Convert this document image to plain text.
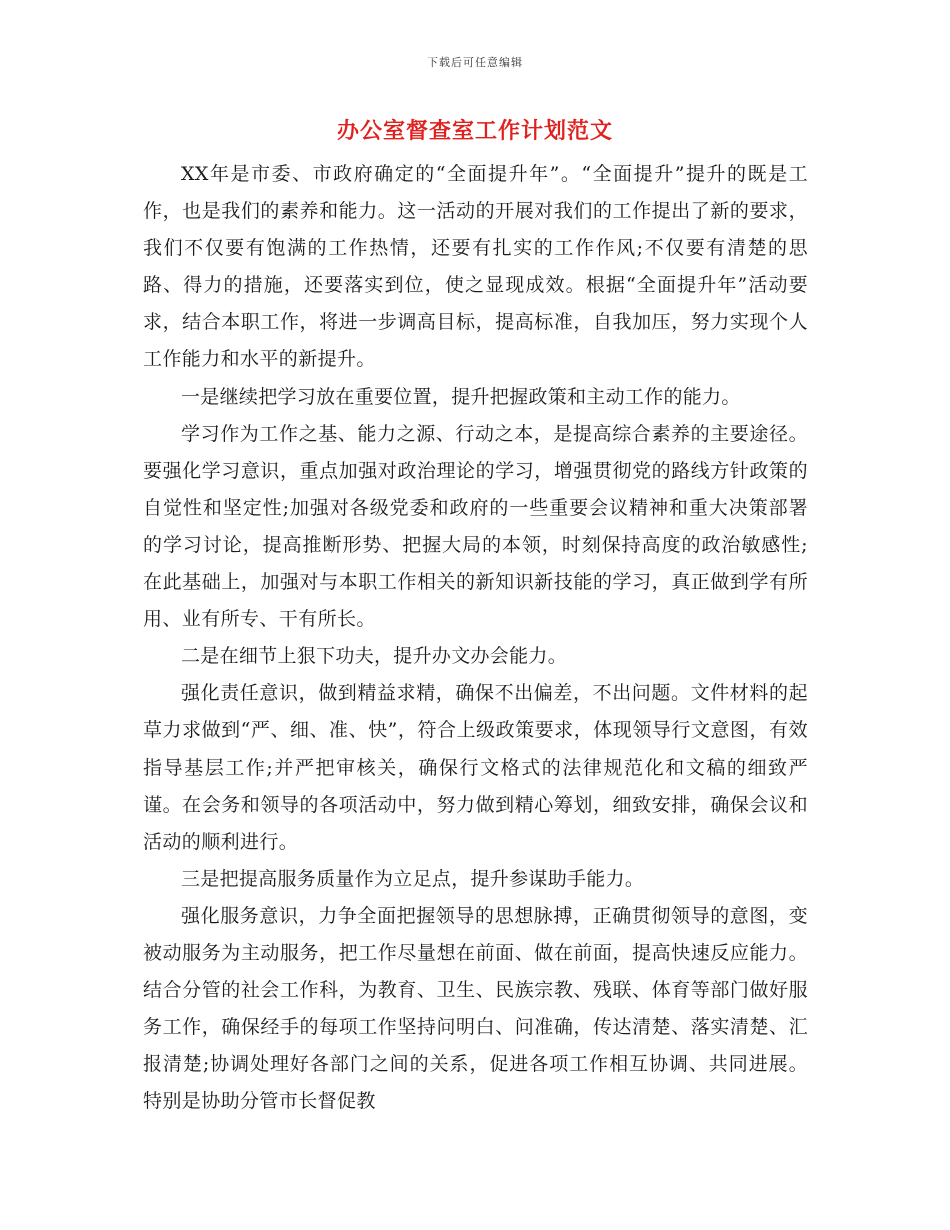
下载后可任意编辑
办公室督查室工作计划范文

XX年是市委、市政府确定的“全面提升年”。“全面提升”提升的既是工作，也是我们的素养和能力。这一活动的开展对我们的工作提出了新的要求，我们不仅要有饱满的工作热情，还要有扎实的工作作风;不仅要有清楚的思路、得力的措施，还要落实到位，使之显现成效。根据“全面提升年”活动要求，结合本职工作，将进一步调高目标，提高标准，自我加压，努力实现个人工作能力和水平的新提升。

一是继续把学习放在重要位置，提升把握政策和主动工作的能力。

学习作为工作之基、能力之源、行动之本，是提高综合素养的主要途径。要强化学习意识，重点加强对政治理论的学习，增强贯彻党的路线方针政策的自觉性和坚定性;加强对各级党委和政府的一些重要会议精神和重大决策部署的学习讨论，提高推断形势、把握大局的本领，时刻保持高度的政治敏感性;在此基础上，加强对与本职工作相关的新知识新技能的学习，真正做到学有所用、业有所专、干有所长。

二是在细节上狠下功夫，提升办文办会能力。

强化责任意识，做到精益求精，确保不出偏差，不出问题。文件材料的起草力求做到“严、细、准、快”，符合上级政策要求，体现领导行文意图，有效指导基层工作;并严把审核关，确保行文格式的法律规范化和文稿的细致严谨。在会务和领导的各项活动中，努力做到精心筹划，细致安排，确保会议和活动的顺利进行。

三是把提高服务质量作为立足点，提升参谋助手能力。

强化服务意识，力争全面把握领导的思想脉搏，正确贯彻领导的意图，变被动服务为主动服务，把工作尽量想在前面、做在前面，提高快速反应能力。结合分管的社会工作科，为教育、卫生、民族宗教、残联、体育等部门做好服务工作，确保经手的每项工作坚持问明白、问准确，传达清楚、落实清楚、汇报清楚;协调处理好各部门之间的关系，促进各项工作相互协调、共同进展。特别是协助分管市长督促教
